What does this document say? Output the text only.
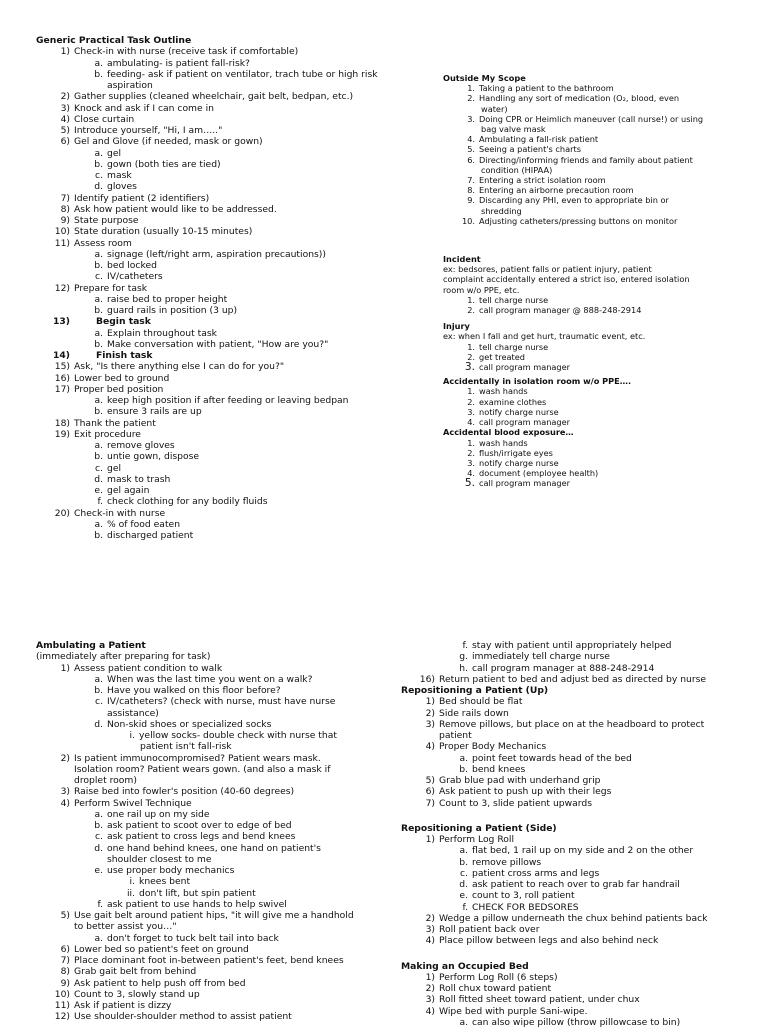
Generic Practical Task Outline
1) Check-in with nurse (receive task if comfortable)
a. ambulating- is patient fall-risk?
b. feeding- ask if patient on ventilator, trach tube or high risk
aspiration
2) Gather supplies (cleaned wheelchair, gait belt, bedpan, etc.)
3) Knock and ask if I can come in
4) Close curtain
5) Introduce yourself, "Hi, I am….."
6) Gel and Glove (if needed, mask or gown)
a. gel
b. gown (both ties are tied)
c. mask
d. gloves
7) Identify patient (2 identifiers)
8) Ask how patient would like to be addressed.
9) State purpose
10) State duration (usually 10-15 minutes)
11) Assess room
a. signage (left/right arm, aspiration precautions))
b. bed locked
c. IV/catheters
12) Prepare for task
a. raise bed to proper height
b. guard rails in position (3 up)
13)	Begin task
a. Explain throughout task
b. Make conversation with patient, "How are you?"
14)	Finish task
15) Ask, "Is there anything else I can do for you?"
16) Lower bed to ground
17) Proper bed position
a. keep high position if after feeding or leaving bedpan
b. ensure 3 rails are up
18) Thank the patient
19) Exit procedure
a. remove gloves
b. untie gown, dispose
c. gel
d. mask to trash
e. gel again
f. check clothing for any bodily fluids
20) Check-in with nurse
a. % of food eaten
b. discharged patient
Outside My Scope
1. Taking a patient to the bathroom
2. Handling any sort of medication (O₂, blood, even
water)
3. Doing CPR or Heimlich maneuver (call nurse!) or using
bag valve mask
4. Ambulating a fall-risk patient
5. Seeing a patient's charts
6. Directing/informing friends and family about patient
condition (HIPAA)
7. Entering a strict isolation room
8. Entering an airborne precaution room
9. Discarding any PHI, even to appropriate bin or
shredding
10. Adjusting catheters/pressing buttons on monitor
Incident
ex: bedsores, patient falls or patient injury, patient
complaint accidentally entered a strict iso, entered isolation
room w/o PPE, etc.
1. tell charge nurse
2. call program manager @ 888-248-2914
Injury
ex: when I fall and get hurt, traumatic event, etc.
1. tell charge nurse
2. get treated
3. call program manager
Accidentally in isolation room w/o PPE….
1. wash hands
2. examine clothes
3. notify charge nurse
4. call program manager
Accidental blood exposure…
1. wash hands
2. flush/irrigate eyes
3. notify charge nurse
4. document (employee health)
5. call program manager
Ambulating a Patient
(immediately after preparing for task)
1) Assess patient condition to walk
a. When was the last time you went on a walk?
b. Have you walked on this floor before?
c. IV/catheters? (check with nurse, must have nurse
assistance)
d. Non-skid shoes or specialized socks
i. yellow socks- double check with nurse that
patient isn't fall-risk
2) Is patient immunocompromised? Patient wears mask.
Isolation room? Patient wears gown. (and also a mask if
droplet room)
3) Raise bed into fowler's position (40-60 degrees)
4) Perform Swivel Technique
a. one rail up on my side
b. ask patient to scoot over to edge of bed
c. ask patient to cross legs and bend knees
d. one hand behind knees, one hand on patient's
shoulder closest to me
e. use proper body mechanics
i. knees bent
ii. don't lift, but spin patient
f. ask patient to use hands to help swivel
5) Use gait belt around patient hips, "it will give me a handhold
to better assist you…"
a. don't forget to tuck belt tail into back
6) Lower bed so patient's feet on ground
7) Place dominant foot in-between patient's feet, bend knees
8) Grab gait belt from behind
9) Ask patient to help push off from bed
10) Count to 3, slowly stand up
11) Ask if patient is dizzy
12) Use shoulder-shoulder method to assist patient
f. stay with patient until appropriately helped
g. immediately tell charge nurse
h. call program manager at 888-248-2914
16) Return patient to bed and adjust bed as directed by nurse
Repositioning a Patient (Up)
1) Bed should be flat
2) Side rails down
3) Remove pillows, but place on at the headboard to protect
patient
4) Proper Body Mechanics
a. point feet towards head of the bed
b. bend knees
5) Grab blue pad with underhand grip
6) Ask patient to push up with their legs
7) Count to 3, slide patient upwards
Repositioning a Patient (Side)
1) Perform Log Roll
a. flat bed, 1 rail up on my side and 2 on the other
b. remove pillows
c. patient cross arms and legs
d. ask patient to reach over to grab far handrail
e. count to 3, roll patient
f. CHECK FOR BEDSORES
2) Wedge a pillow underneath the chux behind patients back
3) Roll patient back over
4) Place pillow between legs and also behind neck
Making an Occupied Bed
1) Perform Log Roll (6 steps)
2) Roll chux toward patient
3) Roll fitted sheet toward patient, under chux
4) Wipe bed with purple Sani-wipe.
a. can also wipe pillow (throw pillowcase to bin)
